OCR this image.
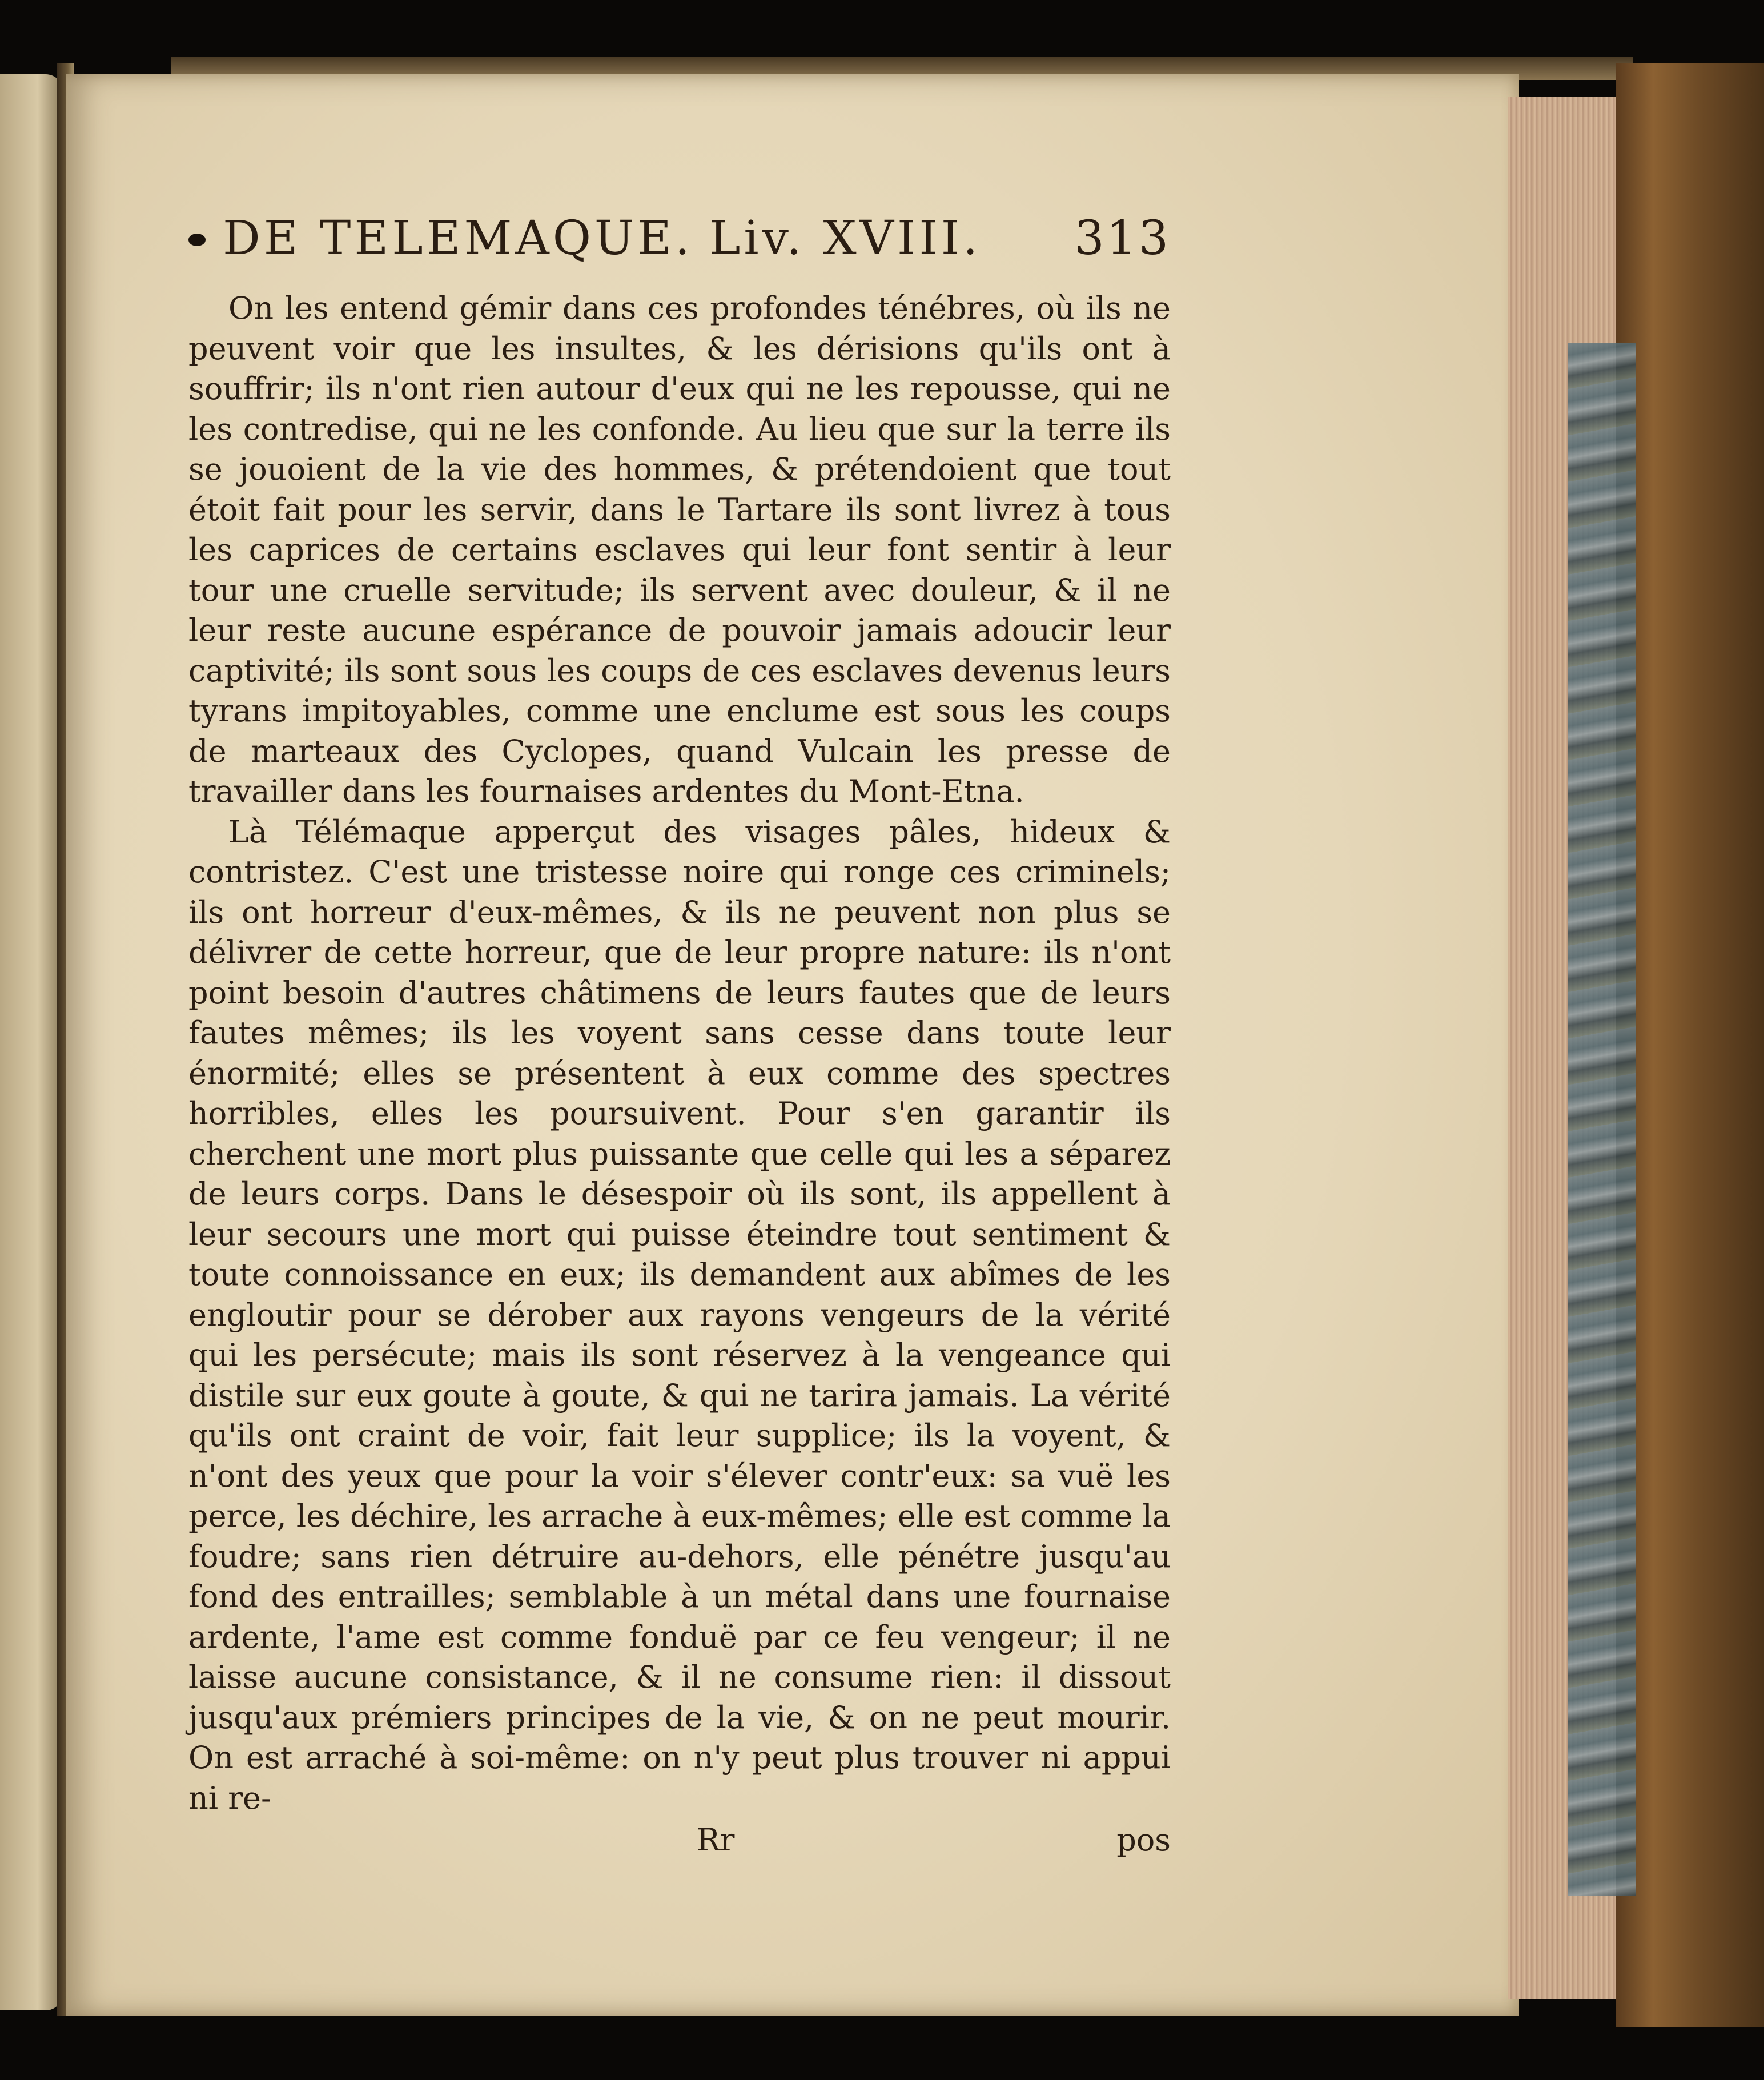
DE TELEMAQUE. Liv. XVIII. 313

On les entend gémir dans ces profondes ténébres, où ils ne peuvent voir que les insultes, & les dérisions qu'ils ont à souffrir; ils n'ont rien autour d'eux qui ne les repousse, qui ne les contredise, qui ne les confonde. Au lieu que sur la terre ils se jouoient de la vie des hommes, & prétendoient que tout étoit fait pour les servir, dans le Tartare ils sont livrez à tous les caprices de certains esclaves qui leur font sentir à leur tour une cruelle servitude; ils servent avec douleur, & il ne leur reste aucune espérance de pouvoir jamais adoucir leur captivité; ils sont sous les coups de ces esclaves devenus leurs tyrans impitoyables, comme une enclume est sous les coups de marteaux des Cyclopes, quand Vulcain les presse de travailler dans les fournaises ardentes du Mont-Etna.

Là Télémaque apperçut des visages pâles, hideux & contristez. C'est une tristesse noire qui ronge ces criminels; ils ont horreur d'eux-mêmes, & ils ne peuvent non plus se délivrer de cette horreur, que de leur propre nature: ils n'ont point besoin d'autres châtimens de leurs fautes que de leurs fautes mêmes; ils les voyent sans cesse dans toute leur énormité; elles se présentent à eux comme des spectres horribles, elles les poursuivent. Pour s'en garantir ils cherchent une mort plus puissante que celle qui les a séparez de leurs corps. Dans le désespoir où ils sont, ils appellent à leur secours une mort qui puisse éteindre tout sentiment & toute connoissance en eux; ils demandent aux abîmes de les engloutir pour se dérober aux rayons vengeurs de la vérité qui les persécute; mais ils sont réservez à la vengeance qui distile sur eux goute à goute, & qui ne tarira jamais. La vérité qu'ils ont craint de voir, fait leur supplice; ils la voyent, & n'ont des yeux que pour la voir s'élever contr'eux: sa vuë les perce, les déchire, les arrache à eux-mêmes; elle est comme la foudre; sans rien détruire au-dehors, elle pénétre jusqu'au fond des entrailles; semblable à un métal dans une fournaise ardente, l'ame est comme fonduë par ce feu vengeur; il ne laisse aucune consistance, & il ne consume rien: il dissout jusqu'aux prémiers principes de la vie, & on ne peut mourir. On est arraché à soi-même: on n'y peut plus trouver ni appui ni re-

Rr	pos
